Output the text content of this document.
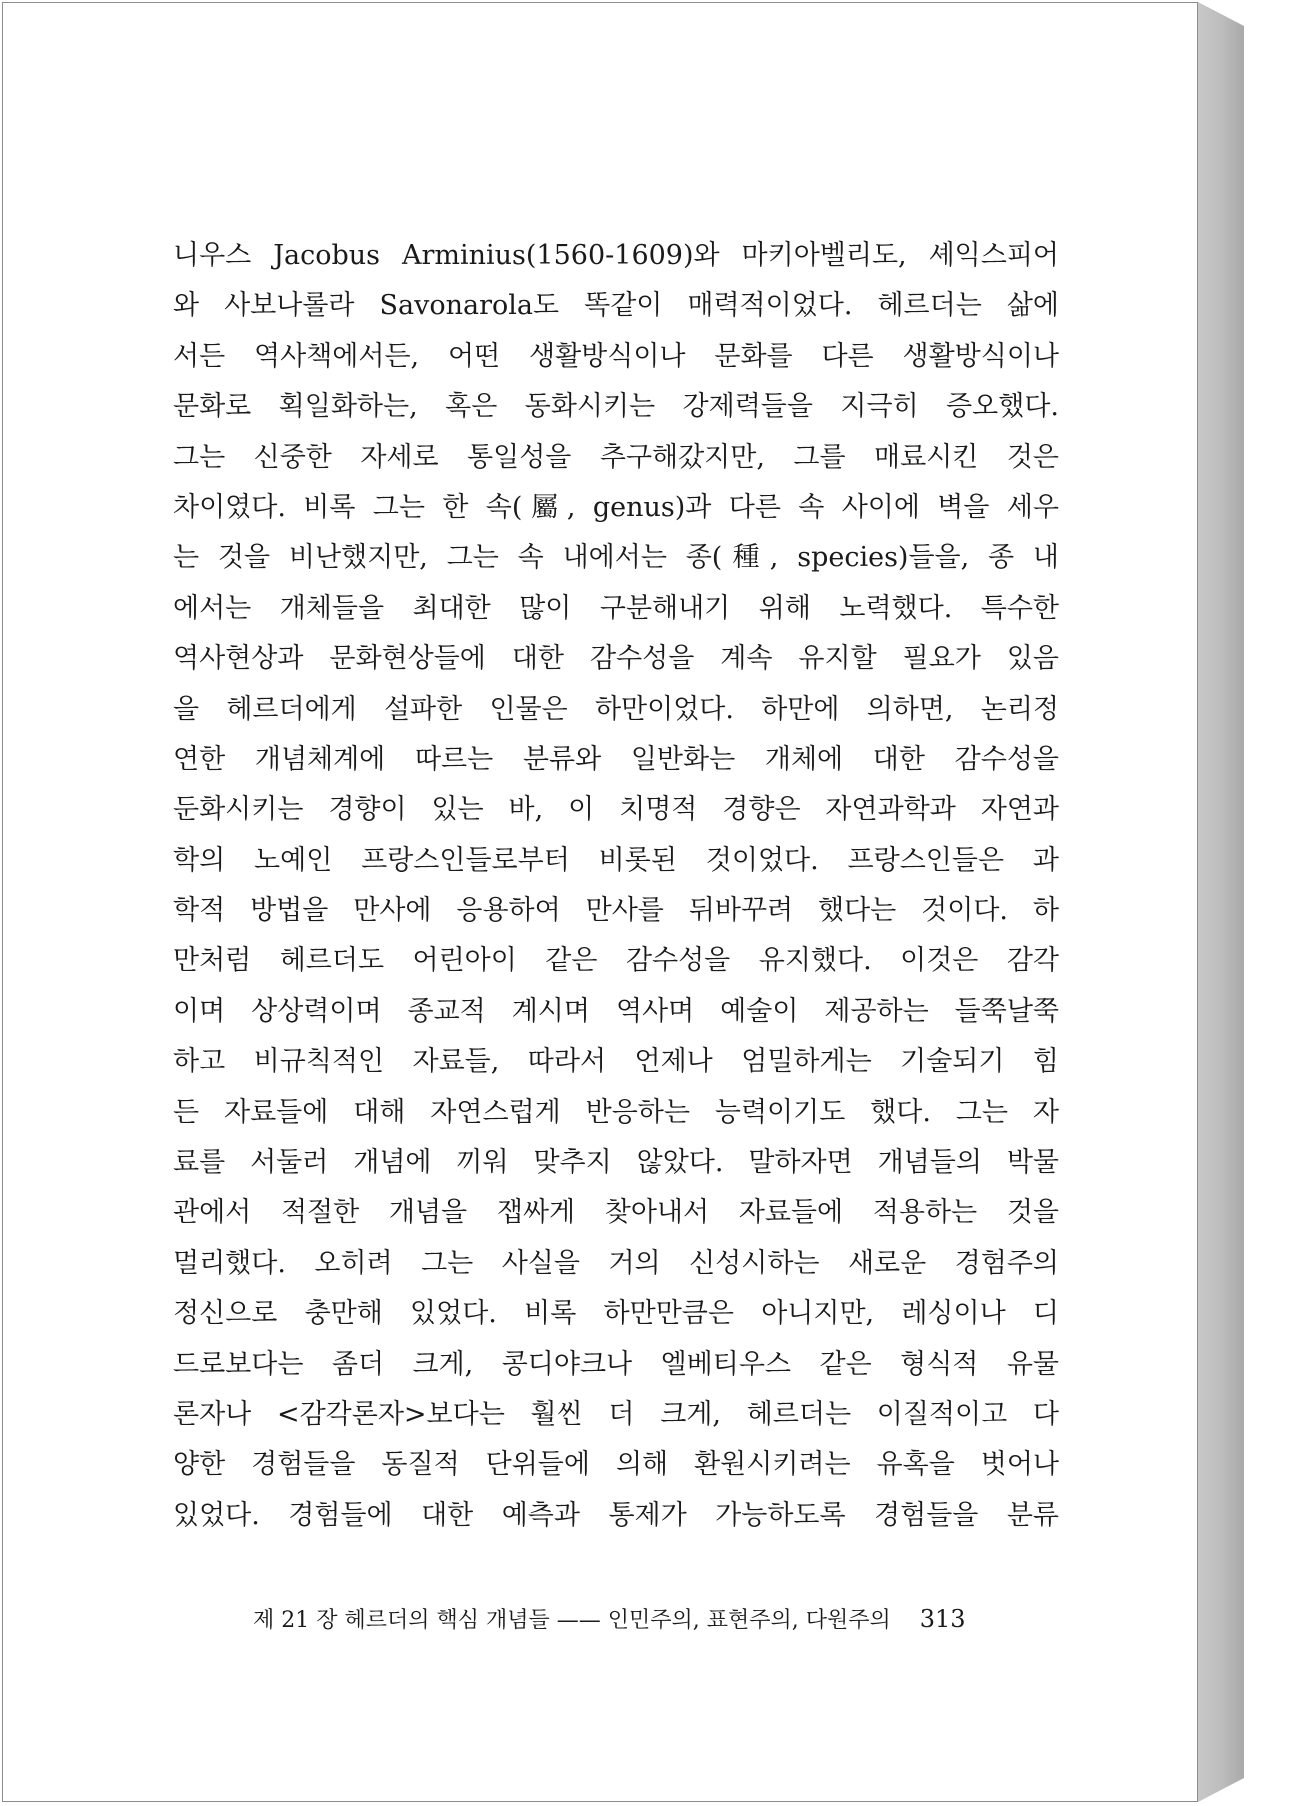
니우스 Jacobus Arminius(1560-1609)와 마키아벨리도, 셰익스피어
와 사보나롤라 Savonarola도 똑같이 매력적이었다. 헤르더는 삶에
서든 역사책에서든, 어떤 생활방식이나 문화를 다른 생활방식이나
문화로 획일화하는, 혹은 동화시키는 강제력들을 지극히 증오했다.
그는 신중한 자세로 통일성을 추구해갔지만, 그를 매료시킨 것은
차이였다. 비록 그는 한 속(屬, genus)과 다른 속 사이에 벽을 세우
는 것을 비난했지만, 그는 속 내에서는 종(種, species)들을, 종 내
에서는 개체들을 최대한 많이 구분해내기 위해 노력했다. 특수한
역사현상과 문화현상들에 대한 감수성을 계속 유지할 필요가 있음
을 헤르더에게 설파한 인물은 하만이었다. 하만에 의하면, 논리정
연한 개념체계에 따르는 분류와 일반화는 개체에 대한 감수성을
둔화시키는 경향이 있는 바, 이 치명적 경향은 자연과학과 자연과
학의 노예인 프랑스인들로부터 비롯된 것이었다. 프랑스인들은 과
학적 방법을 만사에 응용하여 만사를 뒤바꾸려 했다는 것이다. 하
만처럼 헤르더도 어린아이 같은 감수성을 유지했다. 이것은 감각
이며 상상력이며 종교적 계시며 역사며 예술이 제공하는 들쭉날쭉
하고 비규칙적인 자료들, 따라서 언제나 엄밀하게는 기술되기 힘
든 자료들에 대해 자연스럽게 반응하는 능력이기도 했다. 그는 자
료를 서둘러 개념에 끼워 맞추지 않았다. 말하자면 개념들의 박물
관에서 적절한 개념을 잽싸게 찾아내서 자료들에 적용하는 것을
멀리했다. 오히려 그는 사실을 거의 신성시하는 새로운 경험주의
정신으로 충만해 있었다. 비록 하만만큼은 아니지만, 레싱이나 디
드로보다는 좀더 크게, 콩디야크나 엘베티우스 같은 형식적 유물
론자나 <감각론자>보다는 훨씬 더 크게, 헤르더는 이질적이고 다
양한 경험들을 동질적 단위들에 의해 환원시키려는 유혹을 벗어나
있었다. 경험들에 대한 예측과 통제가 가능하도록 경험들을 분류
제 21 장 헤르더의 핵심 개념들 —— 인민주의, 표현주의, 다원주의 313
